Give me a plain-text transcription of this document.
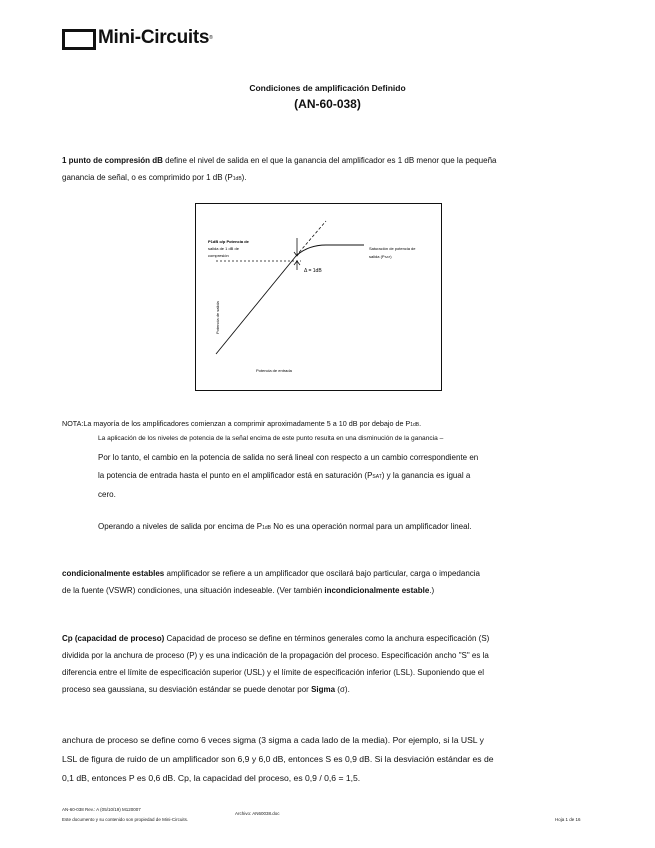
Mini-Circuits ®
Condiciones de amplificación Definido
(AN-60-038)
1 punto de compresión dB define el nivel de salida en el que la ganancia del amplificador es 1 dB menor que la pequeña
ganancia de señal, o es comprimido por 1 dB (P1dB).
P1dB o/p Potencia de
salida de 1 dB de
compresión
Saturación de potencia de
salida (PSAT)
Δ = 1dB
Potencia de salida
Potencia de entrada
NOTA:La mayoría de los amplificadores comienzan a comprimir aproximadamente 5 a 10 dB por debajo de P1dB.
La aplicación de los niveles de potencia de la señal encima de este punto resulta en una disminución de la ganancia –
Por lo tanto, el cambio en la potencia de salida no será lineal con respecto a un cambio correspondiente en
la potencia de entrada hasta el punto en el amplificador está en saturación (PSAT) y la ganancia es igual a
cero.
Operando a niveles de salida por encima de P1dB No es una operación normal para un amplificador lineal.
condicionalmente estables amplificador se refiere a un amplificador que oscilará bajo particular, carga o impedancia
de la fuente (VSWR) condiciones, una situación indeseable. (Ver también incondicionalmente estable.)
Cp (capacidad de proceso) Capacidad de proceso se define en términos generales como la anchura especificación (S)
dividida por la anchura de proceso (P) y es una indicación de la propagación del proceso. Especificación ancho "S" es la
diferencia entre el límite de especificación superior (USL) y el límite de especificación inferior (LSL). Suponiendo que el
proceso sea gaussiana, su desviación estándar se puede denotar por Sigma (σ).
anchura de proceso se define como 6 veces sigma (3 sigma a cada lado de la media). Por ejemplo, si la USL y
LSL de figura de ruido de un amplificador son 6,9 y 6,0 dB, entonces S es 0,9 dB. Si la desviación estándar es de
0,1 dB, entonces P es 0,6 dB. Cp, la capacidad del proceso, es 0,9 / 0,6 = 1,5.
AN-60-038 Rev.: A (05/10/19) M120007
Archivo: AN60038.doc
Este documento y su contenido son propiedad de Mini-Circuits.	Hoja 1 de 16
